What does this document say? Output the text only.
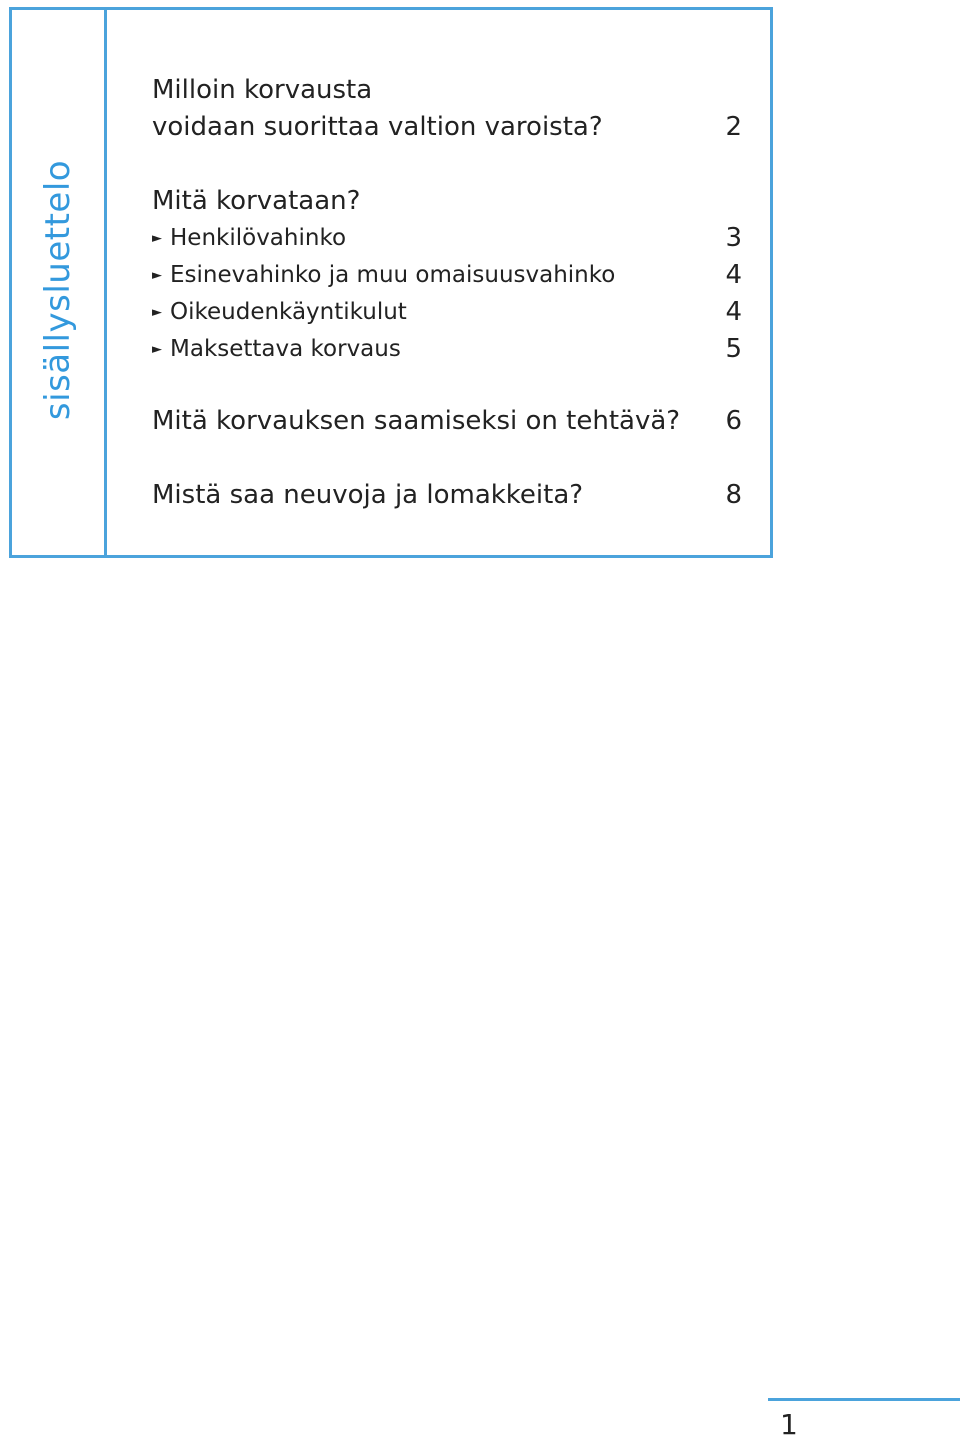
sisällysluettelo
Milloin korvausta
voidaan suorittaa valtion varoista?	2
Mitä korvataan?
► Henkilövahinko	3
► Esinevahinko ja muu omaisuusvahinko	4
► Oikeudenkäyntikulut	4
► Maksettava korvaus	5
Mitä korvauksen saamiseksi on tehtävä?	6
Mistä saa neuvoja ja lomakkeita?	8
1
